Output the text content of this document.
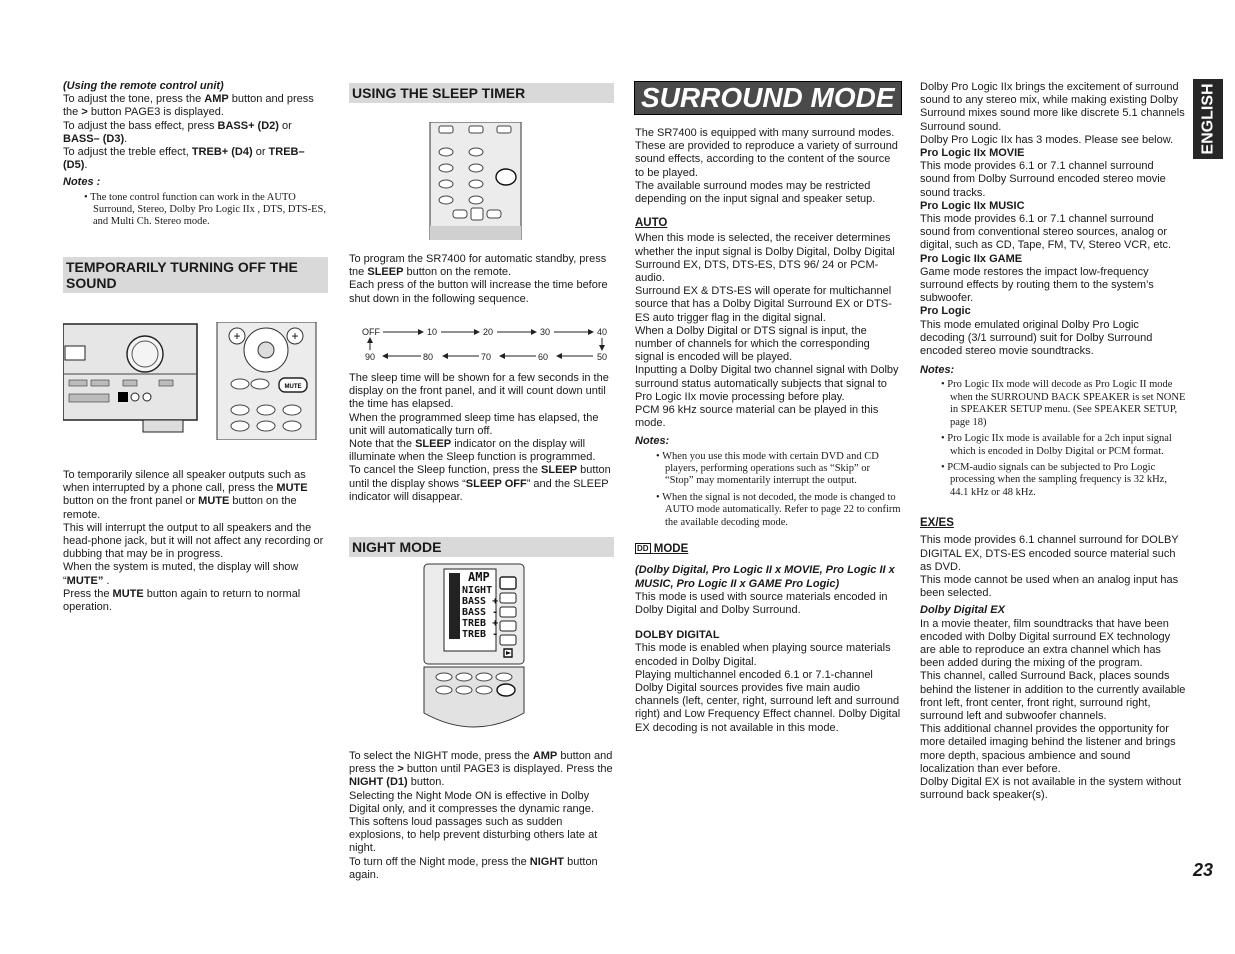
(Using the remote control unit)

To adjust the tone, press the AMP button and press the > button PAGE3 is displayed.

To adjust the bass effect, press BASS+ (D2) or BASS– (D3).

To adjust the treble effect, TREB+ (D4) or TREB– (D5).

Notes :

• The tone control function can work in the AUTO Surround, Stereo, Dolby Pro Logic IIx , DTS, DTS-ES, and Multi Ch. Stereo mode.

TEMPORARILY TURNING OFF THE SOUND
+	+
MUTE

To temporarily silence all speaker outputs such as when interrupted by a phone call, press the MUTE button on the front panel or MUTE button on the remote.

This will interrupt the output to all speakers and the head-phone jack, but it will not affect any recording or dubbing that may be in progress.

When the system is muted, the display will show “MUTE” .

Press the MUTE button again to return to normal operation.

USING THE SLEEP TIMER

To program the SR7400 for automatic standby, press tne SLEEP button on the remote.

Each press of the button will increase the time before shut down in the following sequence.

OFF	10	20	30	40
90	80	70	60	50

The sleep time will be shown for a few seconds in the display on the front panel, and it will count down until the time has elapsed.

When the programmed sleep time has elapsed, the unit will automatically turn off.

Note that the SLEEP indicator on the display will illuminate when the Sleep function is programmed.

To cancel the Sleep function, press the SLEEP button until the display shows “SLEEP OFF” and the SLEEP indicator will disappear.

NIGHT MODE
AMP
NIGHT
BASS +
BASS -
TREB +
TREB -

To select the NIGHT mode, press the AMP button and press the > button until PAGE3 is displayed. Press the NIGHT (D1) button.

Selecting the Night Mode ON is effective in Dolby Digital only, and it compresses the dynamic range. This softens loud passages such as sudden explosions, to help prevent disturbing others late at night.

To turn off the Night mode, press the NIGHT button again.

SURROUND MODE

The SR7400 is equipped with many surround modes. These are provided to reproduce a variety of surround sound effects, according to the content of the source to be played.

The available surround modes may be restricted depending on the input signal and speaker setup.

AUTO

When this mode is selected, the receiver determines whether the input signal is Dolby Digital, Dolby Digital Surround EX, DTS, DTS-ES, DTS 96/ 24 or PCM-audio.

Surround EX & DTS-ES will operate for multichannel source that has a Dolby Digital Surround EX or DTS-ES auto trigger flag in the digital signal.

When a Dolby Digital or DTS signal is input, the number of channels for which the corresponding signal is encoded will be played.

Inputting a Dolby Digital two channel signal with Dolby surround status automatically subjects that signal to Pro Logic IIx movie processing before play.

PCM 96 kHz source material can be played in this mode.

Notes:

• When you use this mode with certain DVD and CD players, performing operations such as “Skip” or “Stop” may momentarily interrupt the output.

• When the signal is not decoded, the mode is changed to AUTO mode automatically. Refer to page 22 to confirm the available decoding mode.

DD MODE

(Dolby Digital, Pro Logic II x MOVIE, Pro Logic II x MUSIC, Pro Logic II x GAME Pro Logic)

This mode is used with source materials encoded in Dolby Digital and Dolby Surround.

DOLBY DIGITAL

This mode is enabled when playing source materials encoded in Dolby Digital.

Playing multichannel encoded 6.1 or 7.1-channel Dolby Digital sources provides five main audio channels (left, center, right, surround left and surround right) and Low Frequency Effect channel. Dolby Digital EX decoding is not available in this mode.

Dolby Pro Logic IIx brings the excitement of surround sound to any stereo mix, while making existing Dolby Surround mixes sound more like discrete 5.1 channels Surround sound.

Dolby Pro Logic IIx has 3 modes. Please see below.

Pro Logic IIx MOVIE

This mode provides 6.1 or 7.1 channel surround sound from Dolby Surround encoded stereo movie sound tracks.

Pro Logic IIx MUSIC

This mode provides 6.1 or 7.1 channel surround sound from conventional stereo sources, analog or digital, such as CD, Tape, FM, TV, Stereo VCR, etc.

Pro Logic IIx GAME

Game mode restores the impact low-frequency surround effects by routing them to the system’s subwoofer.

Pro Logic

This mode emulated original Dolby Pro Logic decoding (3/1 surround) suit for Dolby Surround encoded stereo movie soundtracks.

Notes:

• Pro Logic IIx mode will decode as Pro Logic II mode when the SURROUND BACK SPEAKER is set NONE in SPEAKER SETUP menu. (See SPEAKER SETUP, page 18)

• Pro Logic IIx mode is available for a 2ch input signal which is encoded in Dolby Digital or PCM format.

• PCM-audio signals can be subjected to Pro Logic processing when the sampling frequency is 32 kHz, 44.1 kHz or 48 kHz.

EX/ES

This mode provides 6.1 channel surround for DOLBY DIGITAL EX, DTS-ES encoded source material such as DVD.

This mode cannot be used when an analog input has been selected.

Dolby Digital EX

In a movie theater, film soundtracks that have been encoded with Dolby Digital surround EX technology are able to reproduce an extra channel which has been added during the mixing of the program.

This channel, called Surround Back, places sounds behind the listener in addition to the currently available front left, front center, front right, surround right, surround left and subwoofer channels.

This additional channel provides the opportunity for more detailed imaging behind the listener and brings more depth, spacious ambience and sound localization than ever before.

Dolby Digital EX is not available in the system without surround back speaker(s).

ENGLISH
23
